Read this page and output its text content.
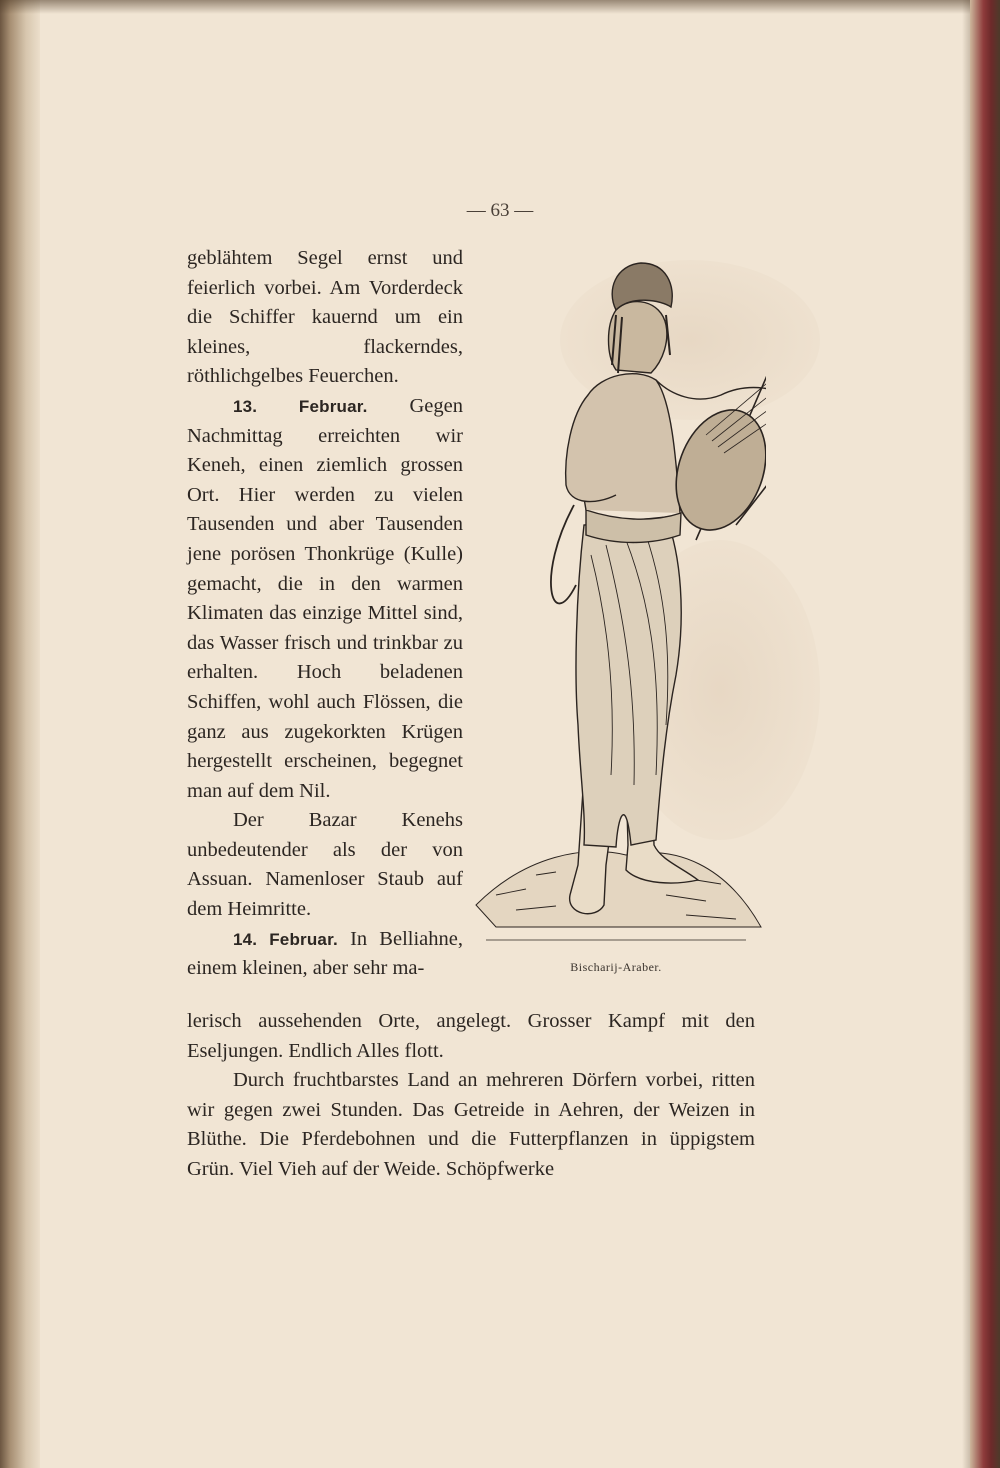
— 63 —

geblähtem Segel ernst und feierlich vorbei. Am Vorderdeck die Schiffer kauernd um ein kleines, flackerndes, röthlichgelbes Feuerchen.

13. Februar. Gegen Nachmittag erreichten wir Keneh, einen ziemlich grossen Ort. Hier werden zu vielen Tausenden und aber Tausenden jene porösen Thonkrüge (Kulle) gemacht, die in den warmen Klimaten das einzige Mittel sind, das Wasser frisch und trinkbar zu erhalten. Hoch beladenen Schiffen, wohl auch Flössen, die ganz aus zugekorkten Krügen hergestellt erscheinen, begegnet man auf dem Nil.

Der Bazar Kenehs unbedeutender als der von Assuan. Namenloser Staub auf dem Heimritte.

14. Februar. In Belliahne, einem kleinen, aber sehr ma-	Bischarij-Araber.

lerisch aussehenden Orte, angelegt. Grosser Kampf mit den Eseljungen. Endlich Alles flott.

Durch fruchtbarstes Land an mehreren Dörfern vorbei, ritten wir gegen zwei Stunden. Das Getreide in Aehren, der Weizen in Blüthe. Die Pferdebohnen und die Futterpflanzen in üppigstem Grün. Viel Vieh auf der Weide. Schöpfwerke
